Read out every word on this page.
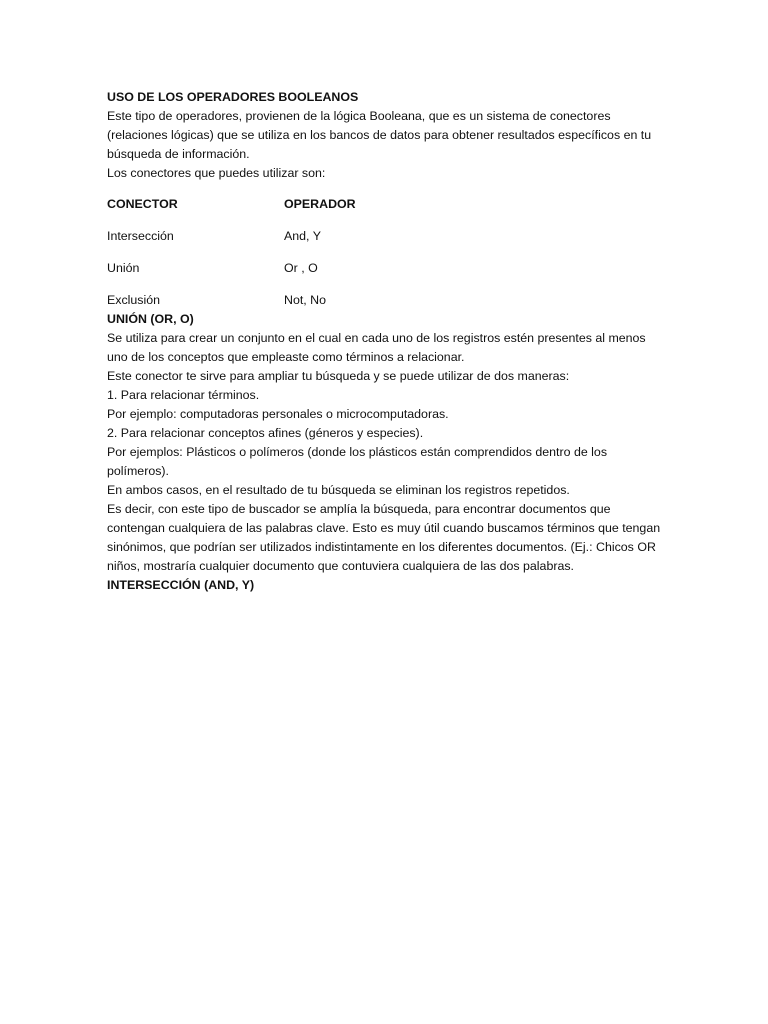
USO DE LOS OPERADORES BOOLEANOS

Este tipo de operadores, provienen de la lógica Booleana, que es un sistema de conectores (relaciones lógicas) que se utiliza en los bancos de datos para obtener resultados específicos en tu búsqueda de información.

Los conectores que puedes utilizar son:

CONECTOR	OPERADOR
Intersección	And, Y
Unión	Or , O
Exclusión	Not, No

UNIÓN (OR, O)

Se utiliza para crear un conjunto en el cual en cada uno de los registros estén presentes al menos uno de los conceptos que empleaste como términos a relacionar.

Este conector te sirve para ampliar tu búsqueda y se puede utilizar de dos maneras:

1. Para relacionar términos.

Por ejemplo: computadoras personales o microcomputadoras.

2. Para relacionar conceptos afines (géneros y especies).

Por ejemplos: Plásticos o polímeros (donde los plásticos están comprendidos dentro de los polímeros).

En ambos casos, en el resultado de tu búsqueda se eliminan los registros repetidos.

Es decir, con este tipo de buscador se amplía la búsqueda, para encontrar documentos que contengan cualquiera de las palabras clave. Esto es muy útil cuando buscamos términos que tengan sinónimos, que podrían ser utilizados indistintamente en los diferentes documentos. (Ej.: Chicos OR niños, mostraría cualquier documento que contuviera cualquiera de las dos palabras.

INTERSECCIÓN (AND, Y)
